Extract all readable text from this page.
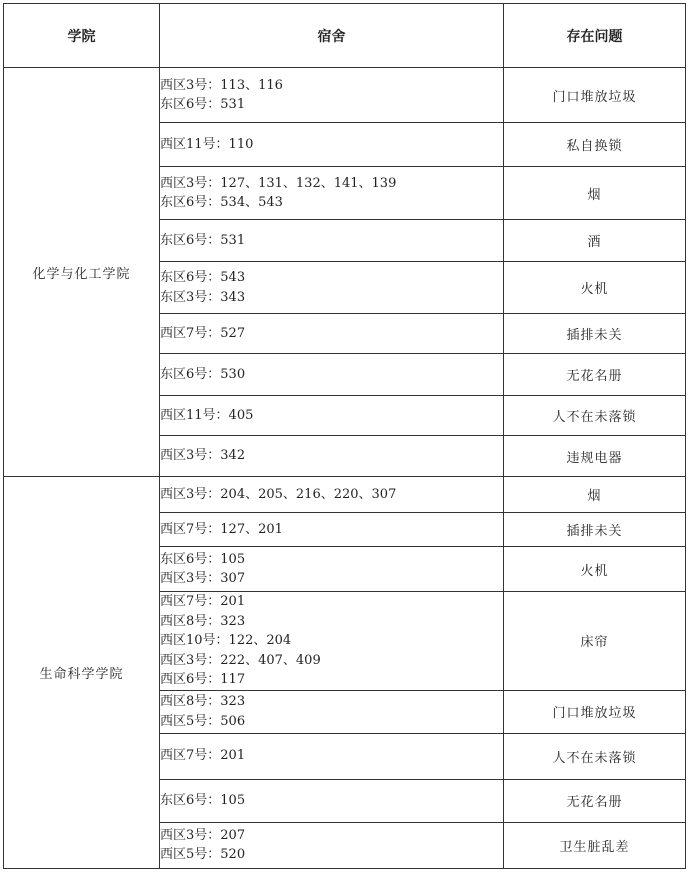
学院	宿舍	存在问题
化学与化工学院	西区3号：113、116
东区6号：531	门口堆放垃圾

	西区11号：110	私自换锁

	西区3号：127、131、132、141、139
东区6号：534、543	烟

	东区6号：531	酒

	东区6号：543
东区3号：343	火机

	西区7号：527	插排未关

	东区6号：530	无花名册

	西区11号：405	人不在未落锁

	西区3号：342	违规电器
生命科学学院	西区3号：204、205、216、220、307	烟

	西区7号：127、201	插排未关

	东区6号：105
西区3号：307	火机

	西区7号：201
西区8号：323
西区10号：122、204
西区3号：222、407、409
西区6号：117	床帘

	西区8号：323
西区5号：506	门口堆放垃圾

	西区7号：201	人不在未落锁

	东区6号：105	无花名册

	西区3号：207
西区5号：520	卫生脏乱差
